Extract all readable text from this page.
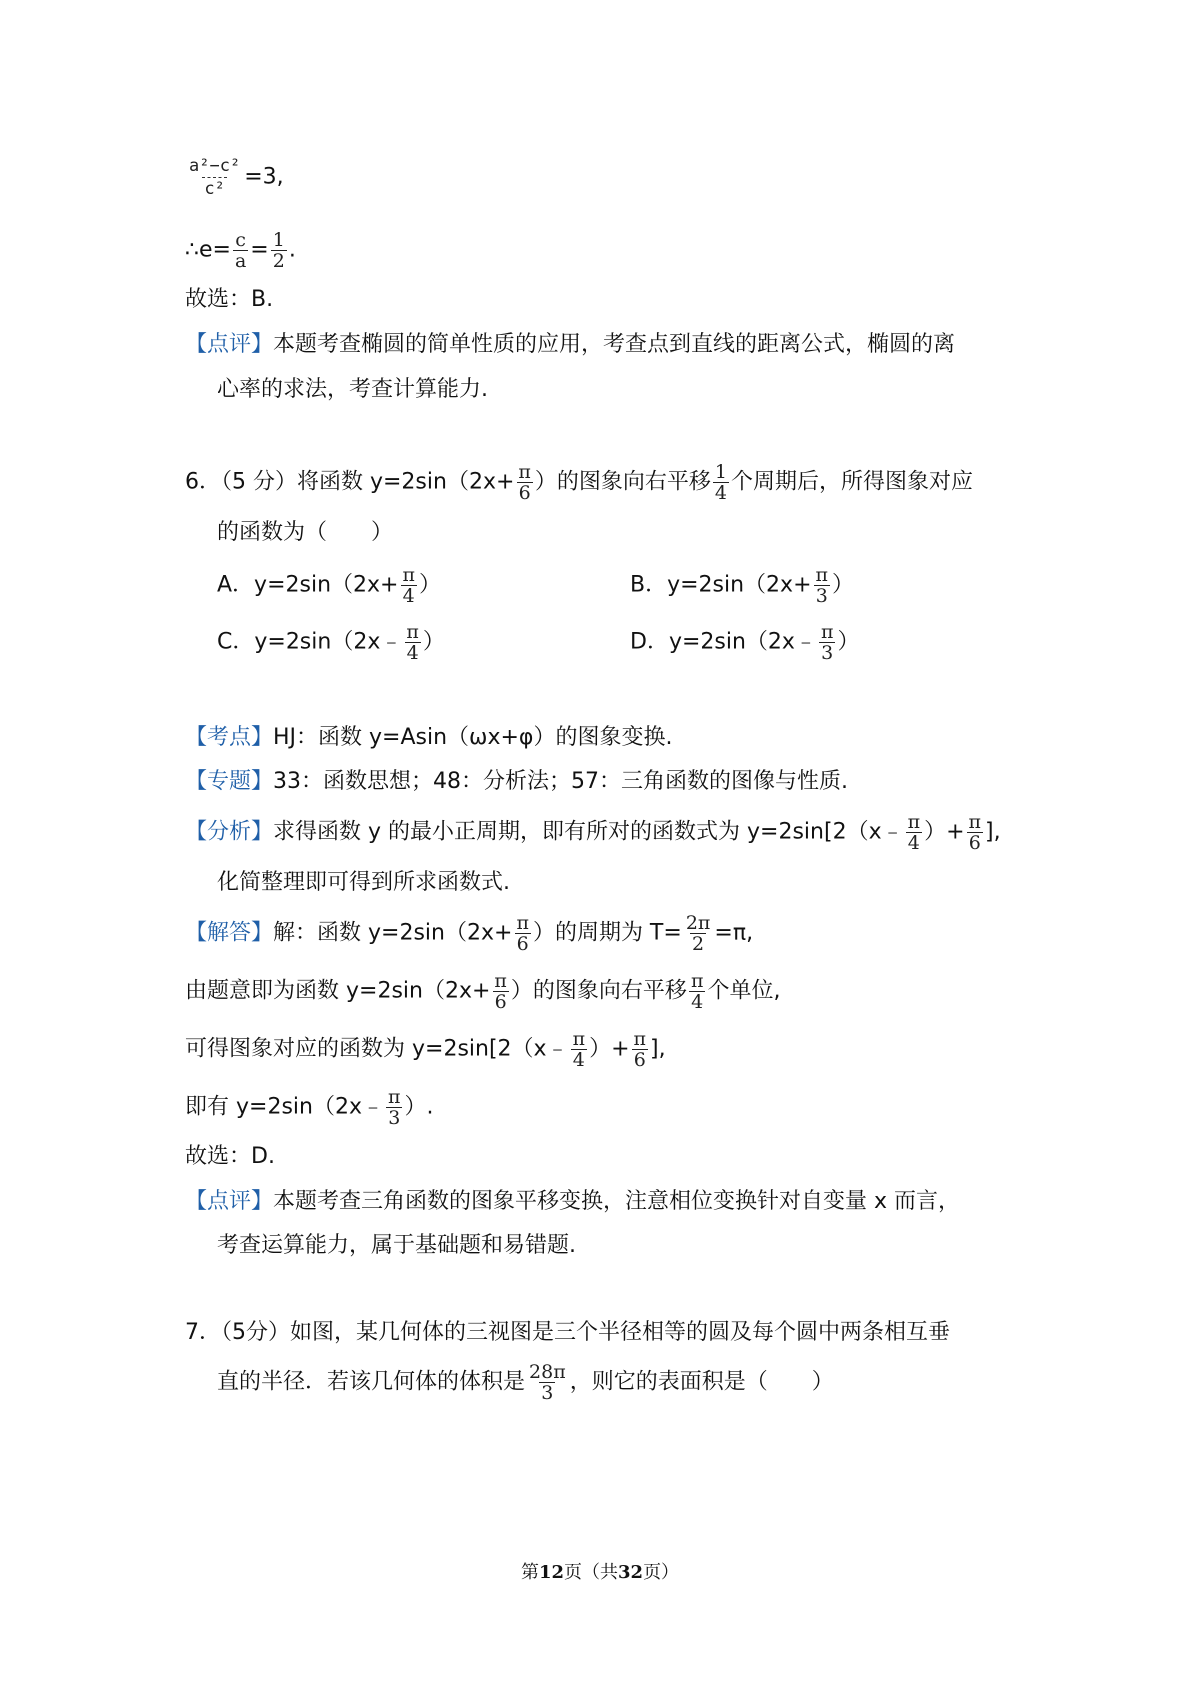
$\frac{\text{a²−c²}}{\text{c²}} =3$,
∴e= $\frac{c}{a} = \frac{1}{2}$ .
故选：B.
【点评】本题考查椭圆的简单性质的应用，考查点到直线的距离公式，椭圆的离
心率的求法，考查计算能力.
6．（5 分）将函数 $y=2\sin(2x+ \frac{\pi}{6}$ ）的图象向右平移 $\frac{1}{4}$ 个周期后，所得图象对应
的函数为（　　）
A．$y=2\sin(2x+ \frac{\pi}{4}$ ）	B．$y=2\sin(2x+ \frac{\pi}{3}$ ）
C．y=2sin（2x﹣ $\frac{\pi}{4}$ ）	D．y=2sin（2x﹣ $\frac{\pi}{3}$ ）
【考点】HJ：函数 y=Asin（ωx+φ）的图象变换.
【专题】33：函数思想；48：分析法；57：三角函数的图像与性质.
【分析】求得函数 y 的最小正周期，即有所对的函数式为 y=2sin[2（x﹣ $\frac{\pi}{4}$ ）+ $\frac{\pi}{6}$ ],
化简整理即可得到所求函数式.
【解答】解：函数 $y=2\sin(2x+ \frac{\pi}{6}$ ）的周期为 $T= \frac{2\pi}{2} =\pi$,
由题意即为函数 $y=2\sin(2x+ \frac{\pi}{6}$ ）的图象向右平移 $\frac{\pi}{4}$ 个单位,
可得图象对应的函数为 y=2sin[2（x﹣ $\frac{\pi}{4}$ ）+ $\frac{\pi}{6}$ ],
即有 y=2sin（2x﹣ $\frac{\pi}{3}$ ）.
故选：D.
【点评】本题考查三角函数的图象平移变换，注意相位变换针对自变量 x 而言，
考查运算能力，属于基础题和易错题.
7．（5分）如图，某几何体的三视图是三个半径相等的圆及每个圆中两条相互垂
直的半径．若该几何体的体积是 $\frac{28\pi}{3}$ ，则它的表面积是（　　）
第12页（共32页）
